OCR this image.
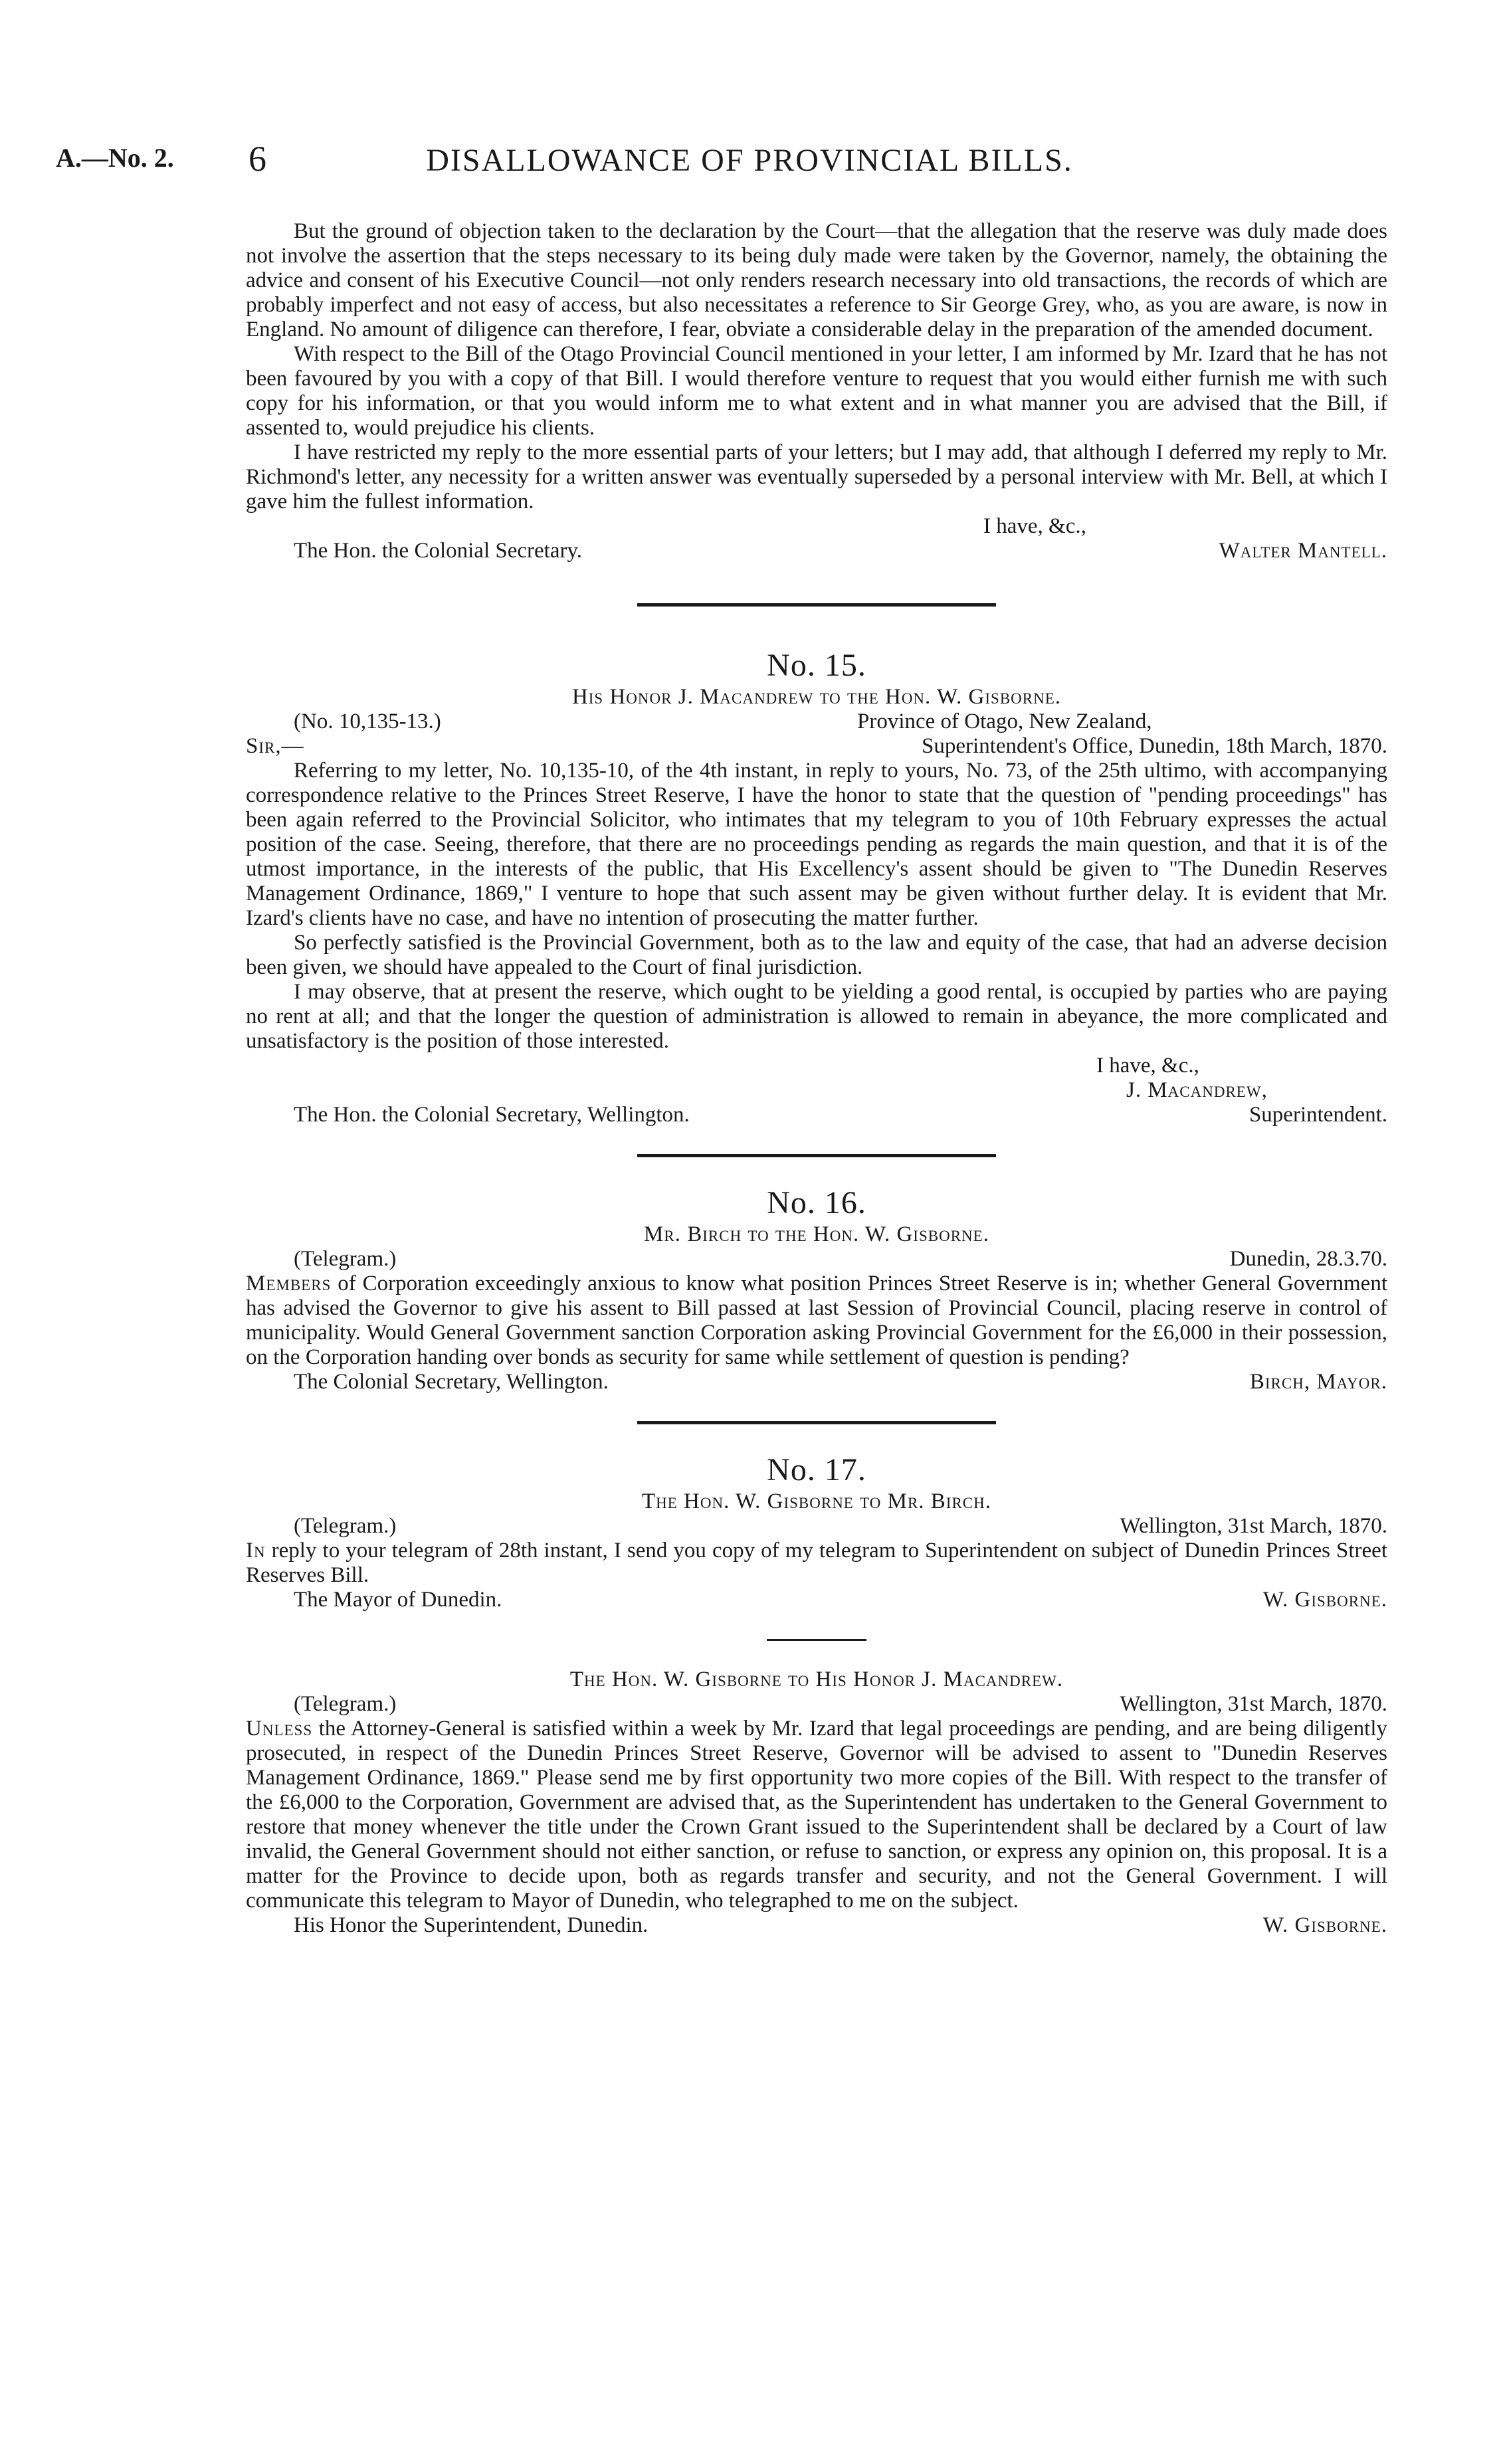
A.—No. 2. 6	DISALLOWANCE OF PROVINCIAL BILLS.

But the ground of objection taken to the declaration by the Court—that the allegation that the reserve was duly made does not involve the assertion that the steps necessary to its being duly made were taken by the Governor, namely, the obtaining the advice and consent of his Executive Council—not only renders research necessary into old transactions, the records of which are probably imperfect and not easy of access, but also necessitates a reference to Sir George Grey, who, as you are aware, is now in England. No amount of diligence can therefore, I fear, obviate a considerable delay in the preparation of the amended document.

With respect to the Bill of the Otago Provincial Council mentioned in your letter, I am informed by Mr. Izard that he has not been favoured by you with a copy of that Bill. I would therefore venture to request that you would either furnish me with such copy for his information, or that you would inform me to what extent and in what manner you are advised that the Bill, if assented to, would prejudice his clients.

I have restricted my reply to the more essential parts of your letters; but I may add, that although I deferred my reply to Mr. Richmond's letter, any necessity for a written answer was eventually superseded by a personal interview with Mr. Bell, at which I gave him the fullest information.

I have, &c.,
The Hon. the Colonial Secretary.	Walter Mantell.
No. 15.
His Honor J. Macandrew to the Hon. W. Gisborne.
(No. 10,135-13.)	Province of Otago, New Zealand,
Sir,—	Superintendent's Office, Dunedin, 18th March, 1870.

Referring to my letter, No. 10,135-10, of the 4th instant, in reply to yours, No. 73, of the 25th ultimo, with accompanying correspondence relative to the Princes Street Reserve, I have the honor to state that the question of "pending proceedings" has been again referred to the Provincial Solicitor, who intimates that my telegram to you of 10th February expresses the actual position of the case. Seeing, therefore, that there are no proceedings pending as regards the main question, and that it is of the utmost importance, in the interests of the public, that His Excellency's assent should be given to "The Dunedin Reserves Management Ordinance, 1869," I venture to hope that such assent may be given without further delay. It is evident that Mr. Izard's clients have no case, and have no intention of prosecuting the matter further.

So perfectly satisfied is the Provincial Government, both as to the law and equity of the case, that had an adverse decision been given, we should have appealed to the Court of final jurisdiction.

I may observe, that at present the reserve, which ought to be yielding a good rental, is occupied by parties who are paying no rent at all; and that the longer the question of administration is allowed to remain in abeyance, the more complicated and unsatisfactory is the position of those interested.

I have, &c.,
J. Macandrew,
The Hon. the Colonial Secretary, Wellington.	Superintendent.
No. 16.
Mr. Birch to the Hon. W. Gisborne.
(Telegram.)	Dunedin, 28.3.70.

Members of Corporation exceedingly anxious to know what position Princes Street Reserve is in; whether General Government has advised the Governor to give his assent to Bill passed at last Session of Provincial Council, placing reserve in control of municipality. Would General Government sanction Corporation asking Provincial Government for the £6,000 in their possession, on the Corporation handing over bonds as security for same while settlement of question is pending?

The Colonial Secretary, Wellington.	Birch, Mayor.
No. 17.
The Hon. W. Gisborne to Mr. Birch.
(Telegram.)	Wellington, 31st March, 1870.

In reply to your telegram of 28th instant, I send you copy of my telegram to Superintendent on subject of Dunedin Princes Street Reserves Bill.

The Mayor of Dunedin.	W. Gisborne.
The Hon. W. Gisborne to His Honor J. Macandrew.
(Telegram.)	Wellington, 31st March, 1870.

Unless the Attorney-General is satisfied within a week by Mr. Izard that legal proceedings are pending, and are being diligently prosecuted, in respect of the Dunedin Princes Street Reserve, Governor will be advised to assent to "Dunedin Reserves Management Ordinance, 1869." Please send me by first opportunity two more copies of the Bill. With respect to the transfer of the £6,000 to the Corporation, Government are advised that, as the Superintendent has undertaken to the General Government to restore that money whenever the title under the Crown Grant issued to the Superintendent shall be declared by a Court of law invalid, the General Government should not either sanction, or refuse to sanction, or express any opinion on, this proposal. It is a matter for the Province to decide upon, both as regards transfer and security, and not the General Government. I will communicate this telegram to Mayor of Dunedin, who telegraphed to me on the subject.

His Honor the Superintendent, Dunedin.	W. Gisborne.
